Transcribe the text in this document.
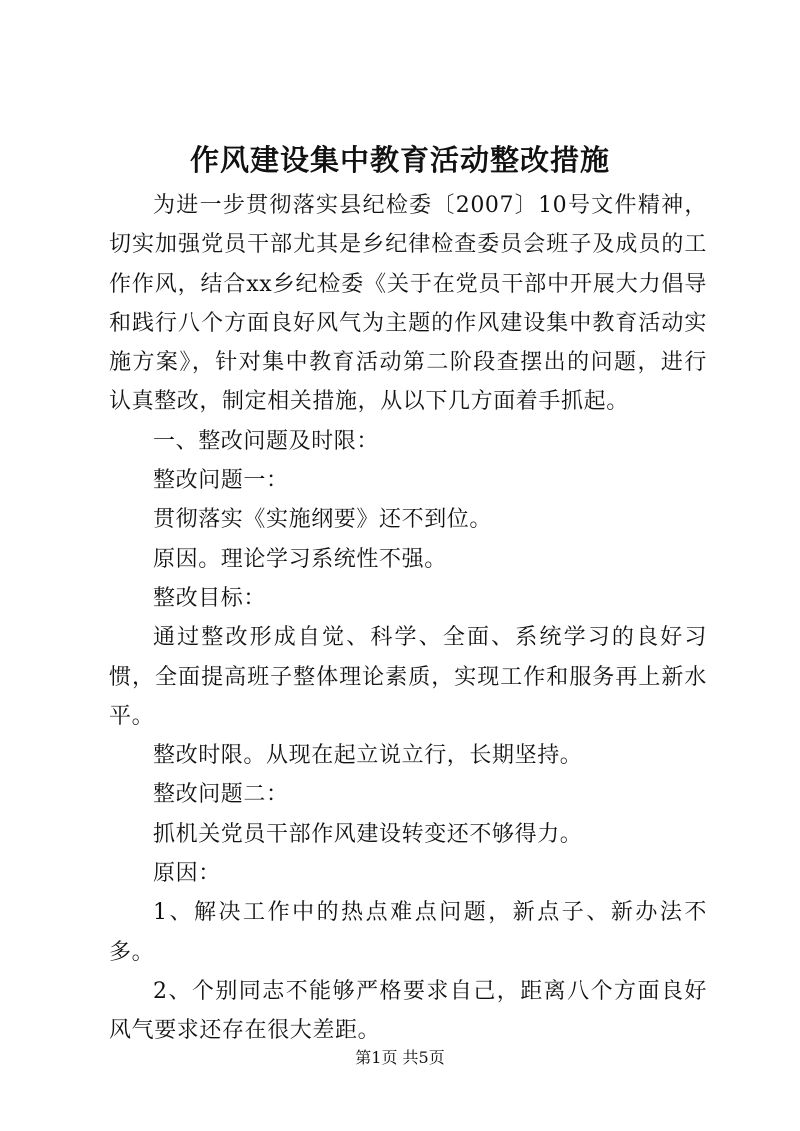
作风建设集中教育活动整改措施

为进一步贯彻落实县纪检委〔2007〕10号文件精神，切实加强党员干部尤其是乡纪律检查委员会班子及成员的工作作风，结合xx乡纪检委《关于在党员干部中开展大力倡导和践行八个方面良好风气为主题的作风建设集中教育活动实施方案》，针对集中教育活动第二阶段查摆出的问题，进行认真整改，制定相关措施，从以下几方面着手抓起。

一、整改问题及时限：

整改问题一：

贯彻落实《实施纲要》还不到位。

原因。理论学习系统性不强。

整改目标：

通过整改形成自觉、科学、全面、系统学习的良好习惯，全面提高班子整体理论素质，实现工作和服务再上新水平。

整改时限。从现在起立说立行，长期坚持。

整改问题二：

抓机关党员干部作风建设转变还不够得力。

原因：

1、解决工作中的热点难点问题，新点子、新办法不多。

2、个别同志不能够严格要求自己，距离八个方面良好风气要求还存在很大差距。

第1页 共5页
